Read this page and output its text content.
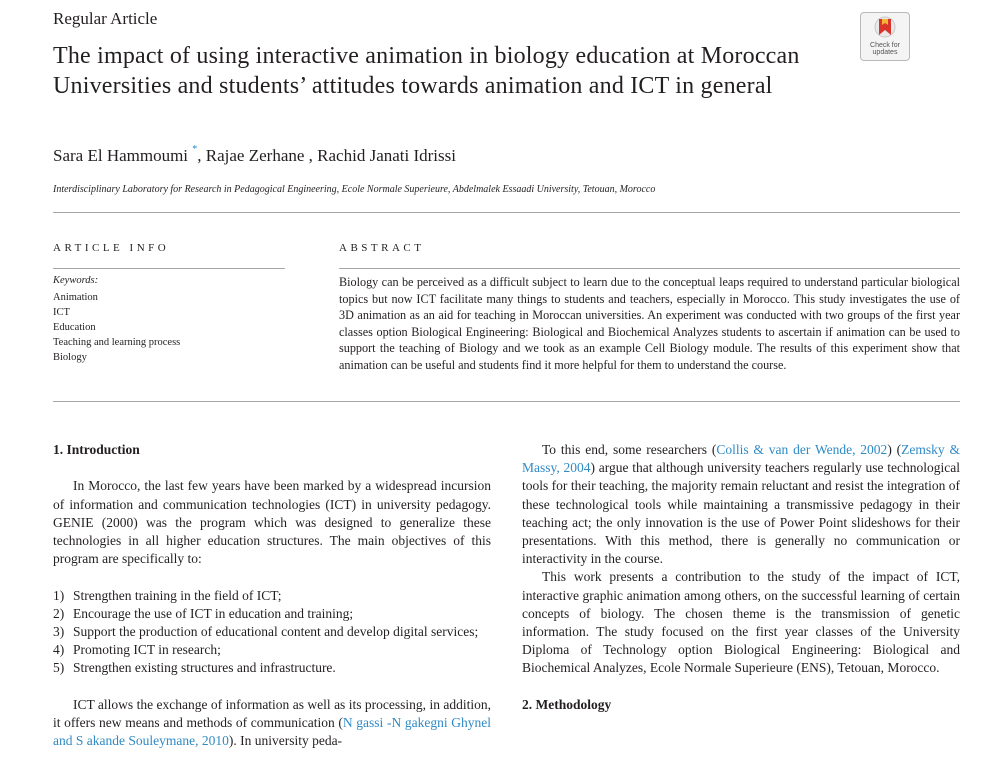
Regular Article
Check for
updates
The impact of using interactive animation in biology education at Moroccan Universities and students’ attitudes towards animation and ICT in general
Sara El Hammoumi *, Rajae Zerhane , Rachid Janati Idrissi
Interdisciplinary Laboratory for Research in Pedagogical Engineering, Ecole Normale Superieure, Abdelmalek Essaadi University, Tetouan, Morocco
ARTICLE INFO
Keywords:
Animation
ICT
Education
Teaching and learning process
Biology
ABSTRACT
Biology can be perceived as a difficult subject to learn due to the conceptual leaps required to understand particular biological topics but now ICT facilitate many things to students and teachers, especially in Morocco. This study investigates the use of 3D animation as an aid for teaching in Moroccan universities. An experiment was conducted with two groups of the first year classes option Biological Engineering: Biological and Biochemical Analyzes students to ascertain if animation can be used to support the teaching of Biology and we took as an example Cell Biology module. The results of this experiment show that animation can be useful and students find it more helpful for them to understand the course.
1. Introduction

In Morocco, the last few years have been marked by a widespread incursion of information and communication technologies (ICT) in university pedagogy. GENIE (2000) was the program which was designed to generalize these technologies in all higher education structures. The main objectives of this program are specifically to:

1) Strengthen training in the field of ICT;
2) Encourage the use of ICT in education and training;
3) Support the production of educational content and develop digital services;
4) Promoting ICT in research;
5) Strengthen existing structures and infrastructure.

ICT allows the exchange of information as well as its processing, in addition, it offers new means and methods of communication (N gassi -N gakegni Ghynel and S akande Souleymane, 2010). In university peda-

To this end, some researchers (Collis & van der Wende, 2002) (Zemsky & Massy, 2004) argue that although university teachers regularly use technological tools for their teaching, the majority remain reluctant and resist the integration of these technological tools while maintaining a transmissive pedagogy in their teaching act; the only innovation is the use of Power Point slideshows for their presentations. With this method, there is generally no communication or interactivity in the course.

This work presents a contribution to the study of the impact of ICT, interactive graphic animation among others, on the successful learning of certain concepts of biology. The chosen theme is the transmission of genetic information. The study focused on the first year classes of the University Diploma of Technology option Biological Engineering: Biological and Biochemical Analyzes, Ecole Normale Superieure (ENS), Tetouan, Morocco.

2. Methodology
